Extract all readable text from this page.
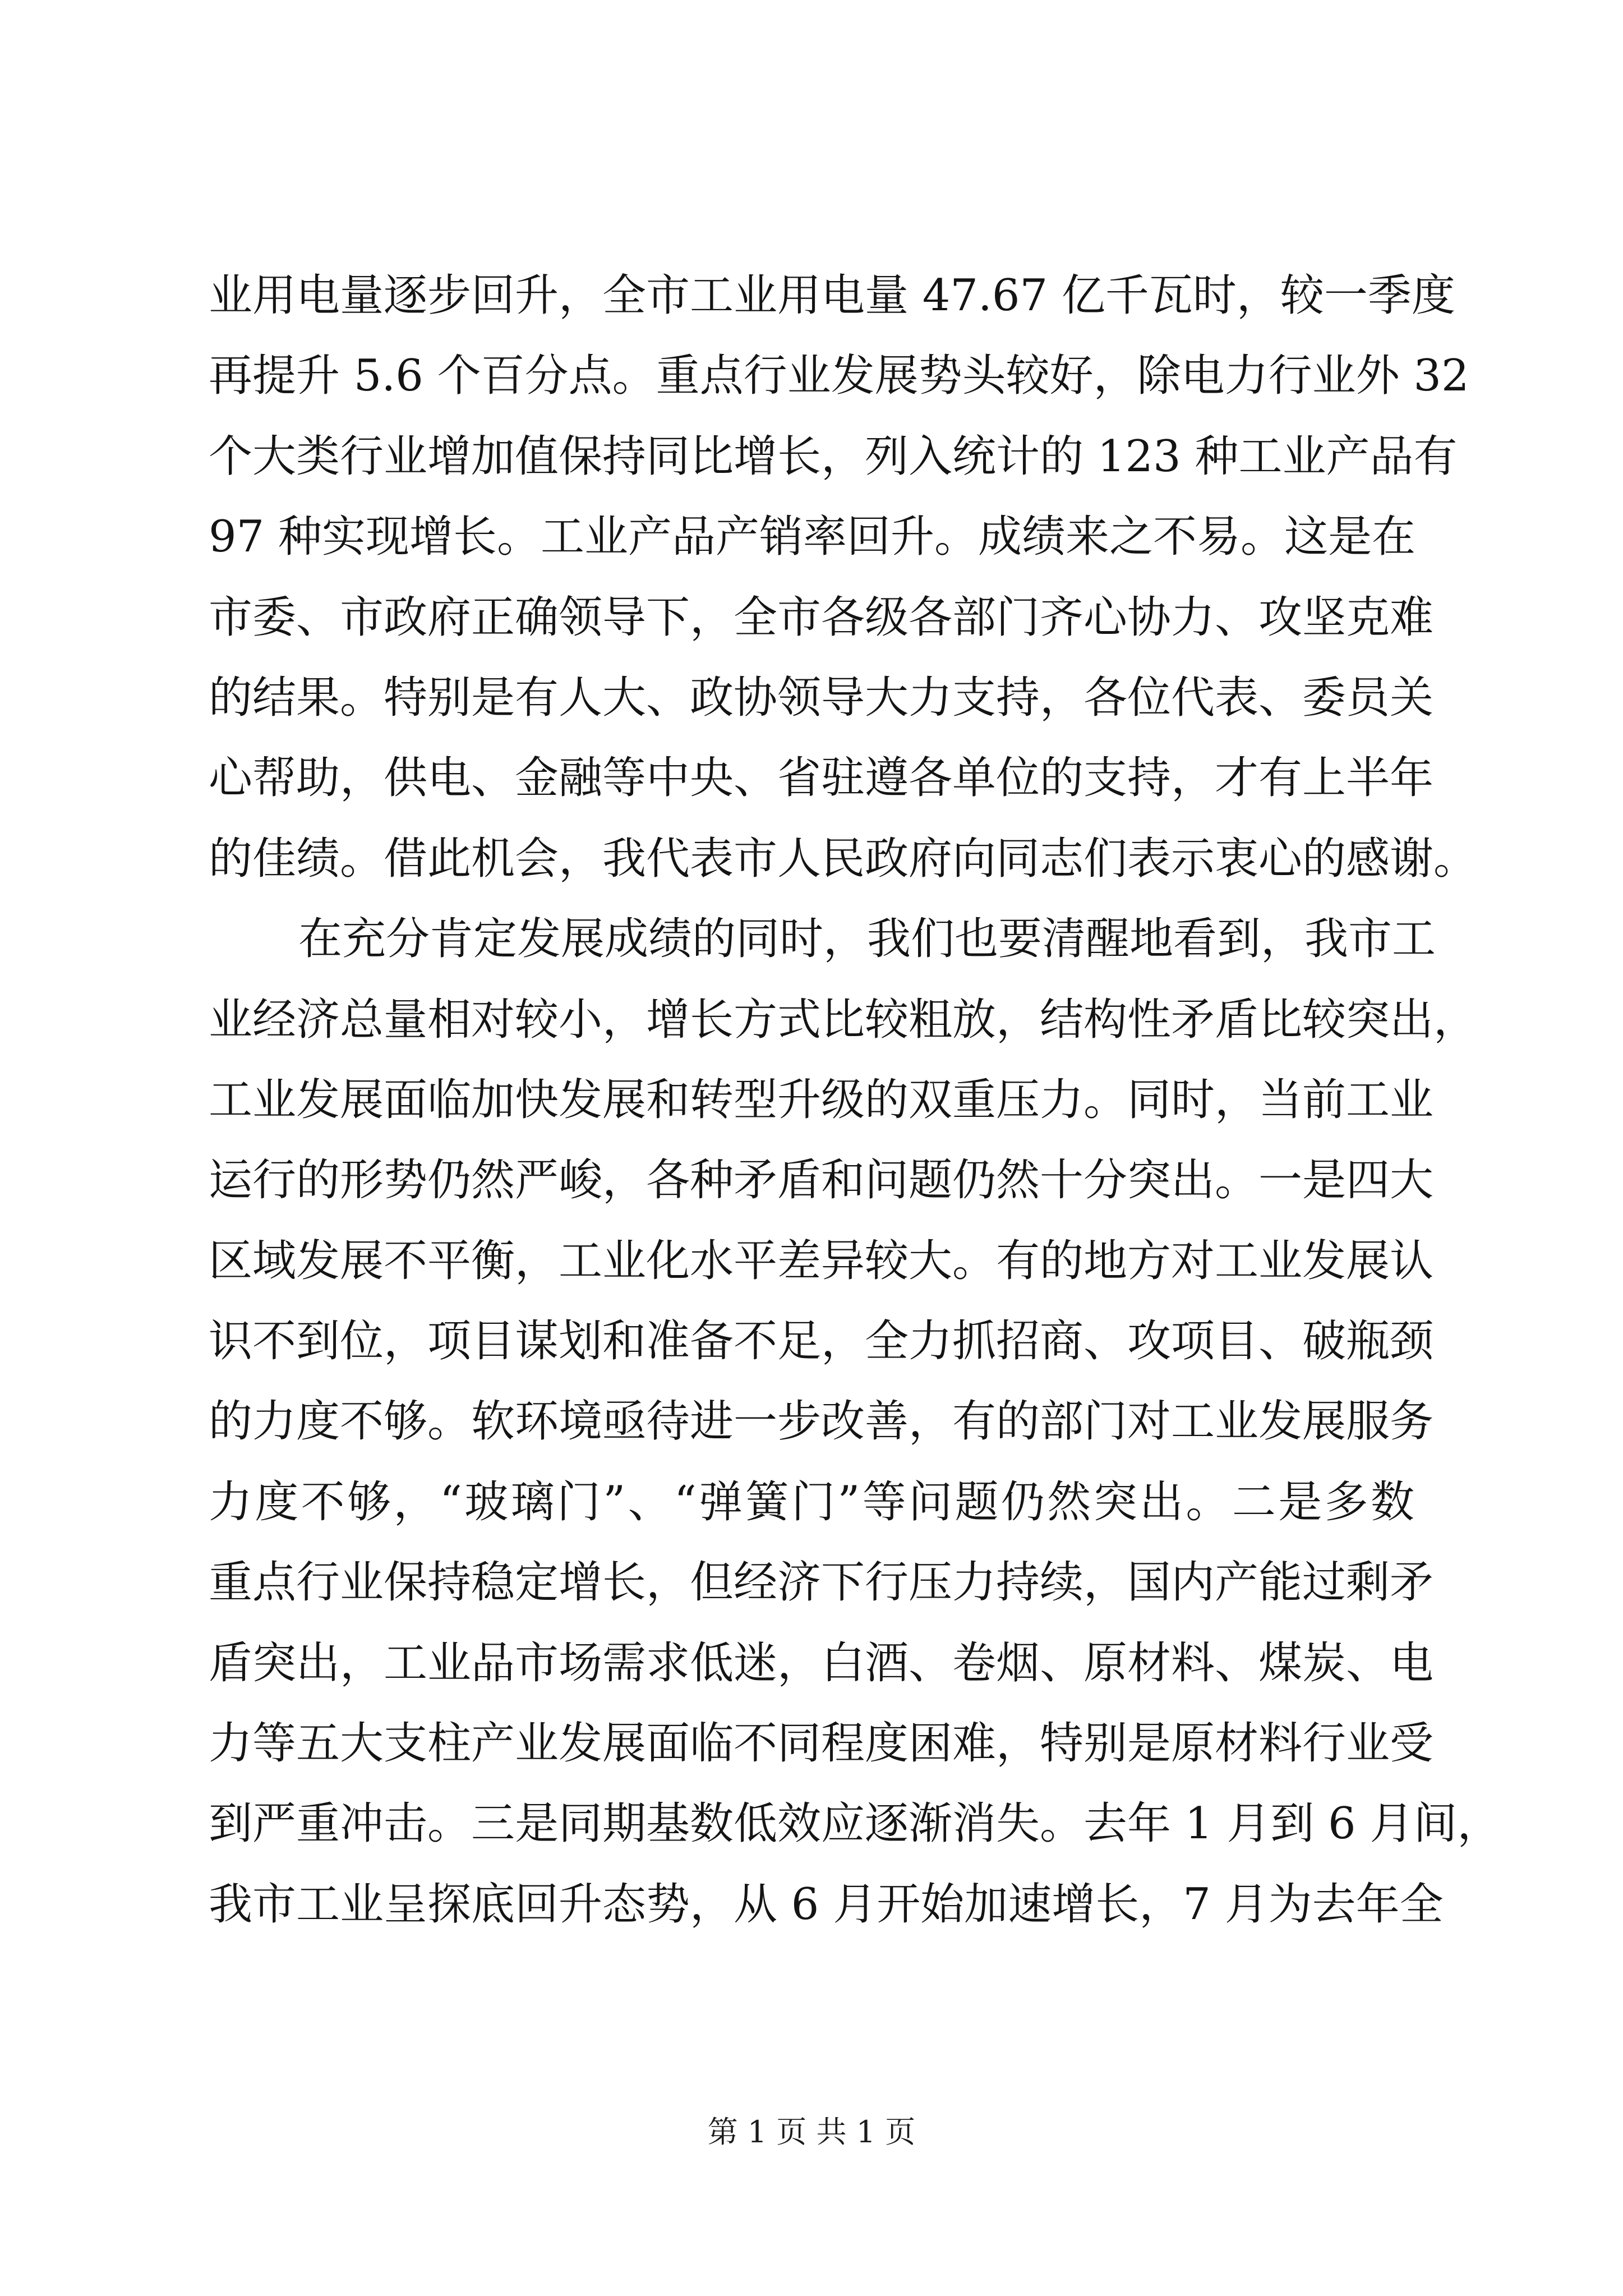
业用电量逐步回升，全市工业用电量 47.67 亿千瓦时，较一季度
再提升 5.6 个百分点。重点行业发展势头较好，除电力行业外 32
个大类行业增加值保持同比增长，列入统计的 123 种工业产品有
97 种实现增长。工业产品产销率回升。成绩来之不易。这是在
市委、市政府正确领导下，全市各级各部门齐心协力、攻坚克难
的结果。特别是有人大、政协领导大力支持，各位代表、委员关
心帮助，供电、金融等中央、省驻遵各单位的支持，才有上半年
的佳绩。借此机会，我代表市人民政府向同志们表示衷心的感谢。
在充分肯定发展成绩的同时，我们也要清醒地看到，我市工
业经济总量相对较小，增长方式比较粗放，结构性矛盾比较突出，
工业发展面临加快发展和转型升级的双重压力。同时，当前工业
运行的形势仍然严峻，各种矛盾和问题仍然十分突出。一是四大
区域发展不平衡，工业化水平差异较大。有的地方对工业发展认
识不到位，项目谋划和准备不足，全力抓招商、攻项目、破瓶颈
的力度不够。软环境亟待进一步改善，有的部门对工业发展服务
力度不够，“玻璃门”、“弹簧门”等问题仍然突出。二是多数
重点行业保持稳定增长，但经济下行压力持续，国内产能过剩矛
盾突出，工业品市场需求低迷，白酒、卷烟、原材料、煤炭、电
力等五大支柱产业发展面临不同程度困难，特别是原材料行业受
到严重冲击。三是同期基数低效应逐渐消失。去年 1 月到 6 月间，
我市工业呈探底回升态势，从 6 月开始加速增长，7 月为去年全
第 1 页 共 1 页
